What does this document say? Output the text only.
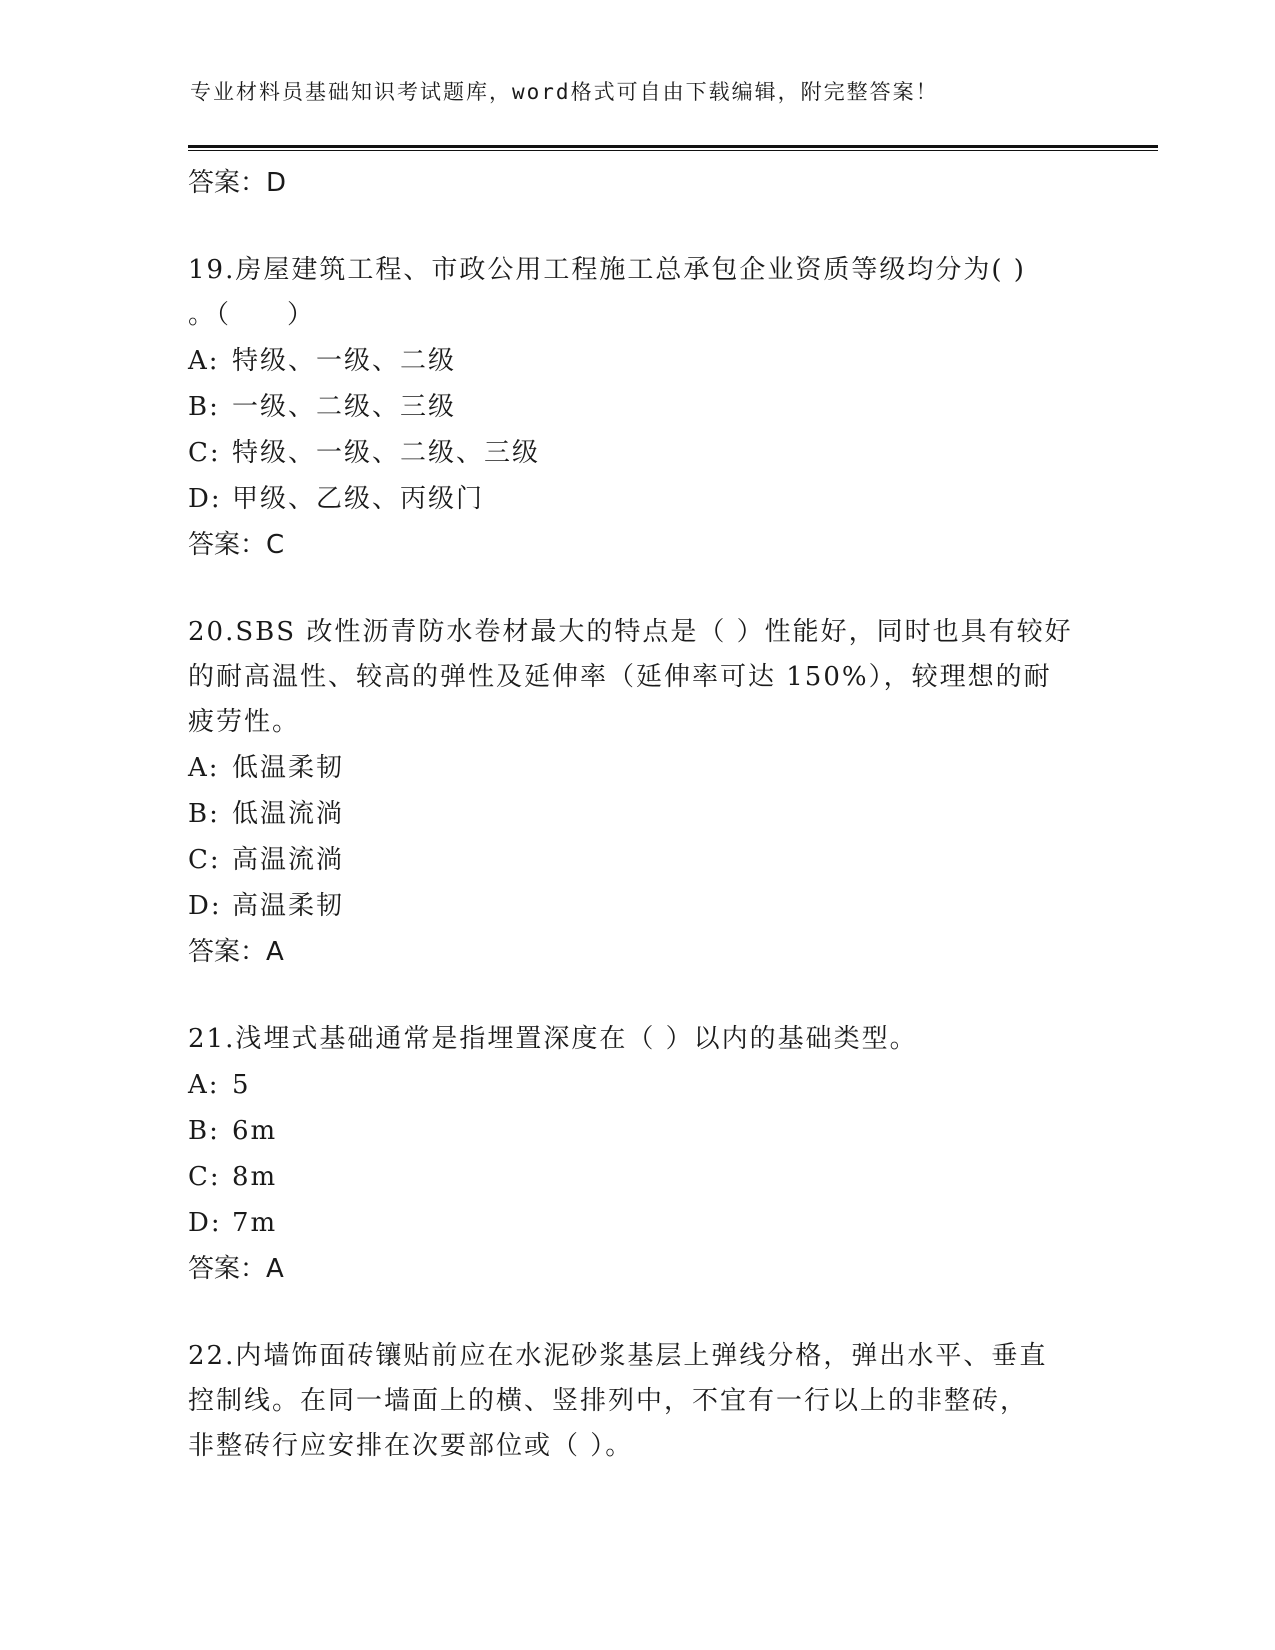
专业材料员基础知识考试题库，word格式可自由下载编辑，附完整答案！
答案：D
19.房屋建筑工程、市政公用工程施工总承包企业资质等级均分为( )
。（　　）
A: 特级、一级、二级
B: 一级、二级、三级
C: 特级、一级、二级、三级
D: 甲级、乙级、丙级门
答案：C
20.SBS 改性沥青防水卷材最大的特点是（ ）性能好，同时也具有较好
的耐高温性、较高的弹性及延伸率（延伸率可达 150%），较理想的耐
疲劳性。
A: 低温柔韧
B: 低温流淌
C: 高温流淌
D: 高温柔韧
答案：A
21.浅埋式基础通常是指埋置深度在（ ）以内的基础类型。
A: 5
B: 6m
C: 8m
D: 7m
答案：A
22.内墙饰面砖镶贴前应在水泥砂浆基层上弹线分格，弹出水平、垂直
控制线。在同一墙面上的横、竖排列中，不宜有一行以上的非整砖，
非整砖行应安排在次要部位或（ ）。
